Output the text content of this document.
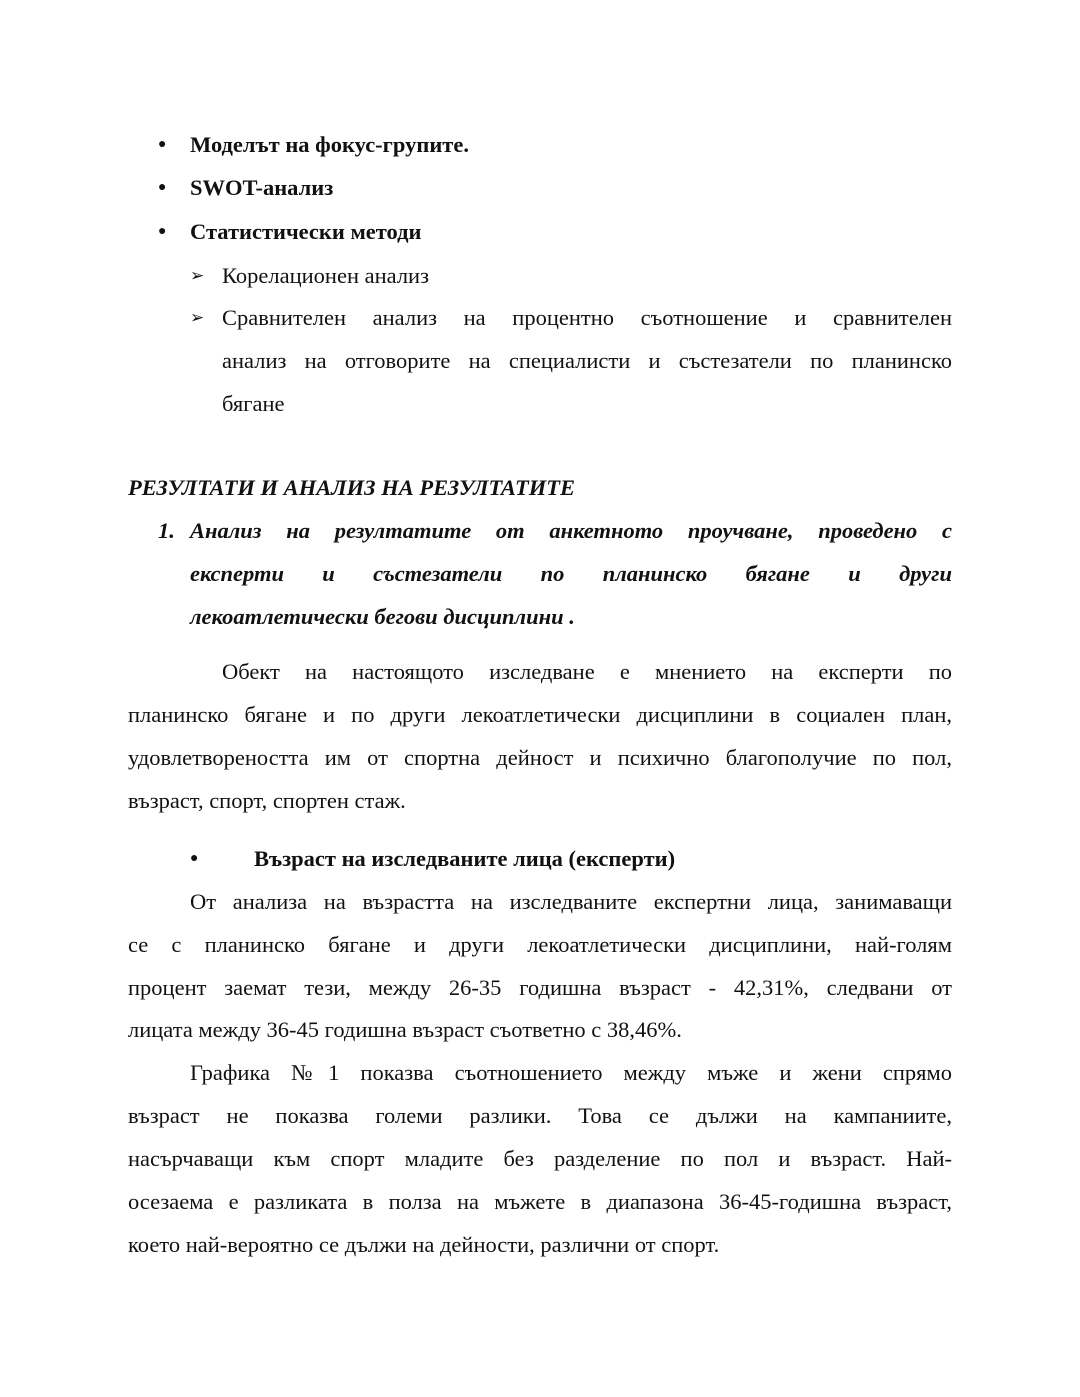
● Моделът на фокус-групите.
● SWOT-анализ
● Статистически методи
➢ Корелационен анализ
➢ Сравнителен анализ на процентно съотношение и сравнителен
анализ на отговорите на специалисти и състезатели по планинско
бягане
РЕЗУЛТАТИ И АНАЛИЗ НА РЕЗУЛТАТИТЕ
1. Анализ на резултатите от анкетното проучване, проведено с
експерти и състезатели по планинско бягане и други
лекоатлетически бегови дисциплини .
Обект на настоящото изследване е мнението на експерти по
планинско бягане и по други лекоатлетически дисциплини в социален план,
удовлетвореността им от спортна дейност и психично благополучие по пол,
възраст, спорт, спортен стаж.
● Възраст на изследваните лица (експерти)
От анализа на възрастта на изследваните експертни лица, занимаващи
се с планинско бягане и други лекоатлетически дисциплини, най-голям
процент заемат тези, между 26-35 годишна възраст - 42,31%, следвани от
лицата между 36-45 годишна възраст съответно с 38,46%.
Графика №1 показва съотношението между мъже и жени спрямо
възраст не показва големи разлики. Това се дължи на кампаниите,
насърчаващи към спорт младите без разделение по пол и възраст. Най-
осезаема е разликата в полза на мъжете в диапазона 36-45-годишна възраст,
което най-вероятно се дължи на дейности, различни от спорт.
